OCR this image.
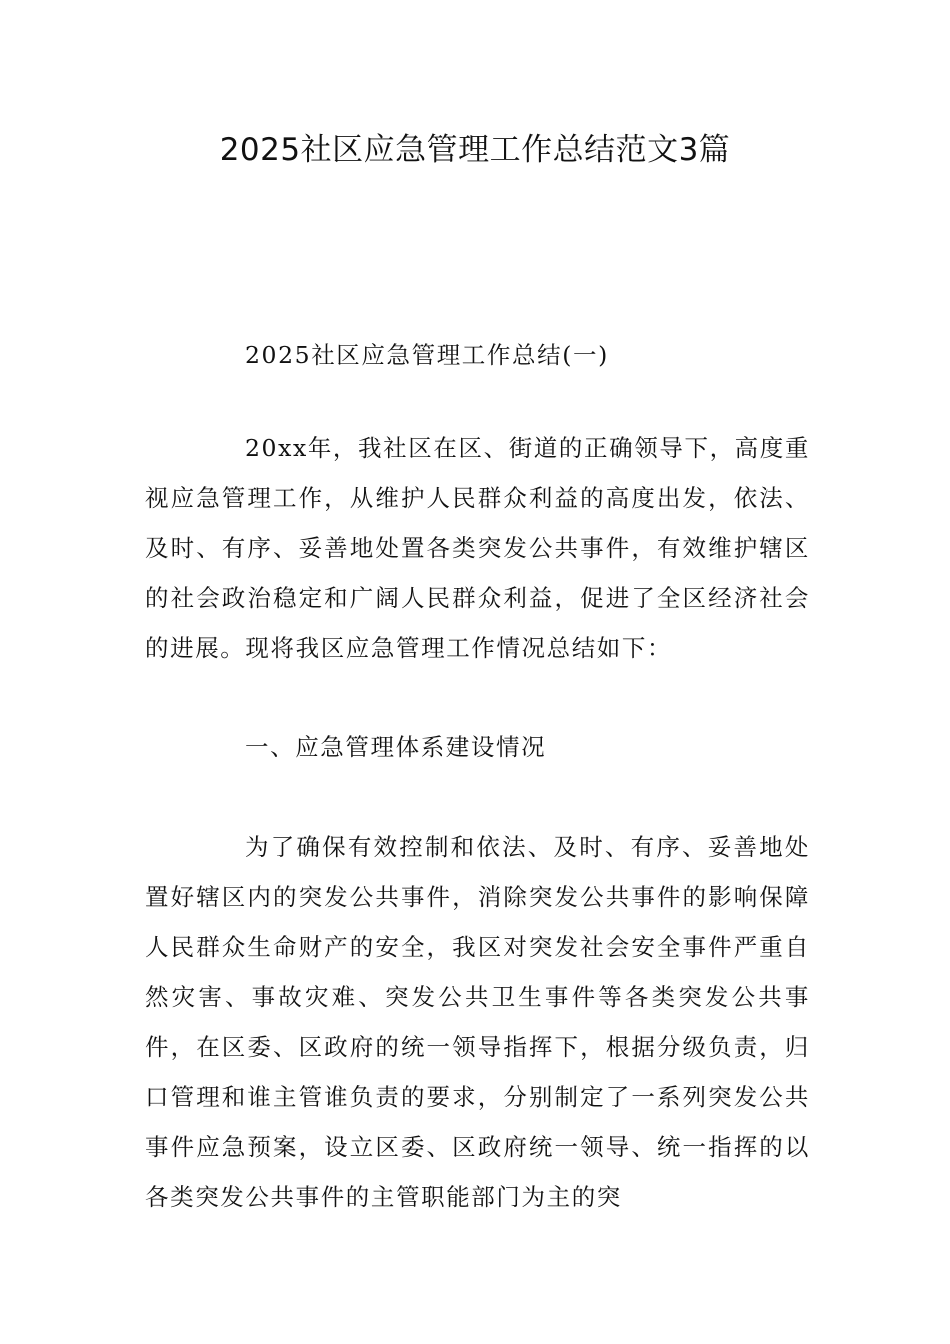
2025社区应急管理工作总结范文3篇

2025社区应急管理工作总结(一)

20xx年，我社区在区、街道的正确领导下，高度重视应急管理工作，从维护人民群众利益的高度出发，依法、及时、有序、妥善地处置各类突发公共事件，有效维护辖区的社会政治稳定和广阔人民群众利益，促进了全区经济社会的进展。现将我区应急管理工作情况总结如下：

一、应急管理体系建设情况

为了确保有效控制和依法、及时、有序、妥善地处置好辖区内的突发公共事件，消除突发公共事件的影响保障人民群众生命财产的安全，我区对突发社会安全事件严重自然灾害、事故灾难、突发公共卫生事件等各类突发公共事件，在区委、区政府的统一领导指挥下，根据分级负责，归口管理和谁主管谁负责的要求，分别制定了一系列突发公共事件应急预案，设立区委、区政府统一领导、统一指挥的以各类突发公共事件的主管职能部门为主的突
